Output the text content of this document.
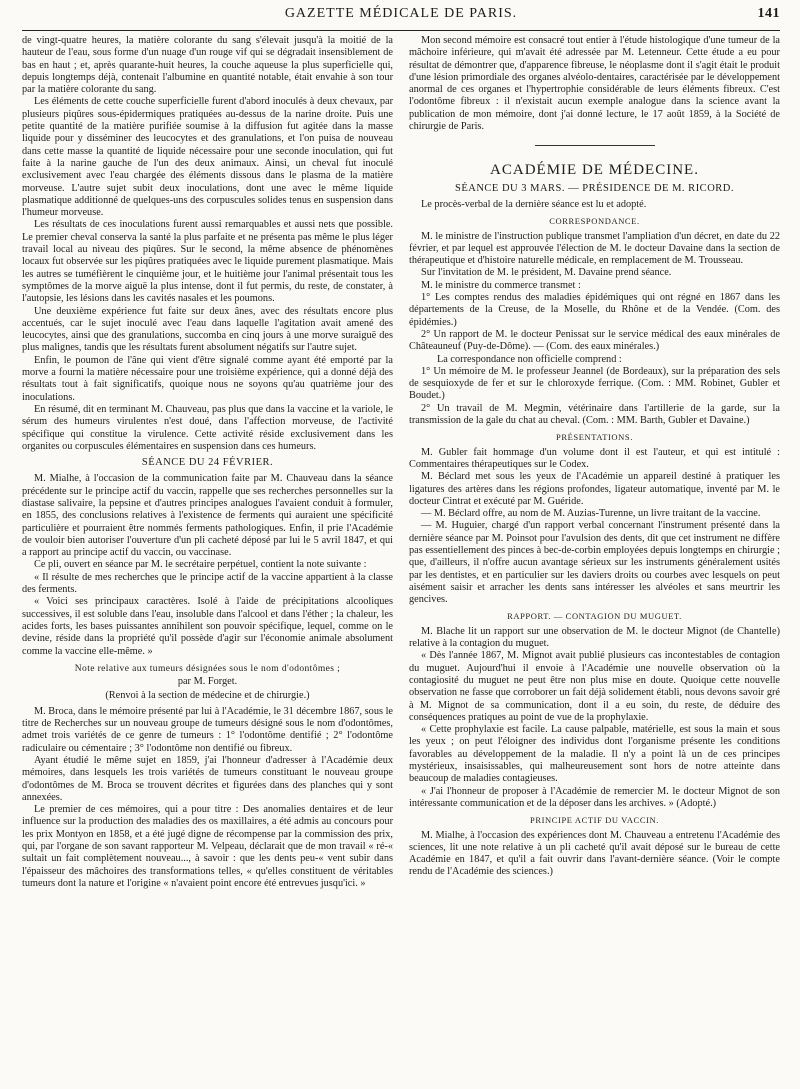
GAZETTE MÉDICALE DE PARIS.	141

de vingt-quatre heures, la matière colorante du sang s'élevait jusqu'à la moitié de la hauteur de l'eau, sous forme d'un nuage d'un rouge vif qui se dégradait insensiblement de bas en haut ; et, après quarante-huit heures, la couche aqueuse la plus superficielle qui, depuis longtemps déjà, contenait l'albumine en quantité notable, était envahie à son tour par la matière colorante du sang.

Les éléments de cette couche superficielle furent d'abord inoculés à deux chevaux, par plusieurs piqûres sous-épidermiques pratiquées au-dessus de la narine droite. Puis une petite quantité de la matière purifiée soumise à la diffusion fut agitée dans la masse liquide pour y disséminer des leucocytes et des granulations, et l'on puisa de nouveau dans cette masse la quantité de liquide nécessaire pour une seconde inoculation, qui fut faite à la narine gauche de l'un des deux animaux. Ainsi, un cheval fut inoculé exclusivement avec l'eau chargée des éléments dissous dans le plasma de la matière morveuse. L'autre sujet subit deux inoculations, dont une avec le même liquide plasmatique additionné de quelques-uns des corpuscules solides tenus en suspension dans l'humeur morveuse.

Les résultats de ces inoculations furent aussi remarquables et aussi nets que possible. Le premier cheval conserva la santé la plus parfaite et ne présenta pas même le plus léger travail local au niveau des piqûres. Sur le second, la même absence de phénomènes locaux fut observée sur les piqûres pratiquées avec le liquide purement plasmatique. Mais les autres se tuméfièrent le cinquième jour, et le huitième jour l'animal présentait tous les symptômes de la morve aiguë la plus intense, dont il fut permis, du reste, de constater, à l'autopsie, les lésions dans les cavités nasales et les poumons.

Une deuxième expérience fut faite sur deux ânes, avec des résultats encore plus accentués, car le sujet inoculé avec l'eau dans laquelle l'agitation avait amené des leucocytes, ainsi que des granulations, succomba en cinq jours à une morve suraiguë des plus malignes, tandis que les résultats furent absolument négatifs sur l'autre sujet.

Enfin, le poumon de l'âne qui vient d'être signalé comme ayant été emporté par la morve a fourni la matière nécessaire pour une troisième expérience, qui a donné déjà des résultats tout à fait significatifs, quoique nous ne soyons qu'au quatrième jour des inoculations.

En résumé, dit en terminant M. Chauveau, pas plus que dans la vaccine et la variole, le sérum des humeurs virulentes n'est doué, dans l'affection morveuse, de l'activité spécifique qui constitue la virulence. Cette activité réside exclusivement dans les organites ou corpuscules élémentaires en suspension dans ces humeurs.

SÉANCE DU 24 FÉVRIER.

M. Mialhe, à l'occasion de la communication faite par M. Chauveau dans la séance précédente sur le principe actif du vaccin, rappelle que ses recherches personnelles sur la diastase salivaire, la pepsine et d'autres principes analogues l'avaient conduit à formuler, en 1855, des conclusions relatives à l'existence de ferments qui auraient une spécificité particulière et pourraient être nommés ferments pathologiques. Enfin, il prie l'Académie de vouloir bien autoriser l'ouverture d'un pli cacheté déposé par lui le 5 avril 1847, et qui a rapport au principe actif du vaccin, ou vaccinase.

Ce pli, ouvert en séance par M. le secrétaire perpétuel, contient la note suivante :

« Il résulte de mes recherches que le principe actif de la vaccine appartient à la classe des ferments.

« Voici ses principaux caractères. Isolé à l'aide de précipitations alcooliques successives, il est soluble dans l'eau, insoluble dans l'alcool et dans l'éther ; la chaleur, les acides forts, les bases puissantes annihilent son pouvoir spécifique, lequel, comme on le devine, réside dans la propriété qu'il possède d'agir sur l'économie animale absolument comme la vaccine elle-même. »

Note relative aux tumeurs désignées sous le nom d'odontômes ;
par M. Forget.
(Renvoi à la section de médecine et de chirurgie.)

M. Broca, dans le mémoire présenté par lui à l'Académie, le 31 décembre 1867, sous le titre de Recherches sur un nouveau groupe de tumeurs désigné sous le nom d'odontômes, admet trois variétés de ce genre de tumeurs : 1° l'odontôme dentifié ; 2° l'odontôme radiculaire ou cémentaire ; 3° l'odontôme non dentifié ou fibreux.

Ayant étudié le même sujet en 1859, j'ai l'honneur d'adresser à l'Académie deux mémoires, dans lesquels les trois variétés de tumeurs constituant le nouveau groupe d'odontômes de M. Broca se trouvent décrites et figurées dans des planches qui y sont annexées.

Le premier de ces mémoires, qui a pour titre : Des anomalies dentaires et de leur influence sur la production des maladies des os maxillaires, a été admis au concours pour les prix Montyon en 1858, et a été jugé digne de récompense par la commission des prix, qui, par l'organe de son savant rapporteur M. Velpeau, déclarait que de mon travail « ré-« sultait un fait complètement nouveau..., à savoir : que les dents peu-« vent subir dans l'épaisseur des mâchoires des transformations telles, « qu'elles constituent de véritables tumeurs dont la nature et l'origine « n'avaient point encore été entrevues jusqu'ici. »

Mon second mémoire est consacré tout entier à l'étude histologique d'une tumeur de la mâchoire inférieure, qui m'avait été adressée par M. Letenneur. Cette étude a eu pour résultat de démontrer que, d'apparence fibreuse, le néoplasme dont il s'agit était le produit d'une lésion primordiale des organes alvéolo-dentaires, caractérisée par le développement anormal de ces organes et l'hypertrophie considérable de leurs éléments fibreux. C'est l'odontôme fibreux : il n'existait aucun exemple analogue dans la science avant la publication de mon mémoire, dont j'ai donné lecture, le 17 août 1859, à la Société de chirurgie de Paris.

ACADÉMIE DE MÉDECINE.
SÉANCE DU 3 MARS. — PRÉSIDENCE DE M. RICORD.

Le procès-verbal de la dernière séance est lu et adopté.

CORRESPONDANCE.

M. le ministre de l'instruction publique transmet l'ampliation d'un décret, en date du 22 février, et par lequel est approuvée l'élection de M. le docteur Davaine dans la section de thérapeutique et d'histoire naturelle médicale, en remplacement de M. Trousseau.

Sur l'invitation de M. le président, M. Davaine prend séance.

M. le ministre du commerce transmet :

1° Les comptes rendus des maladies épidémiques qui ont régné en 1867 dans les départements de la Creuse, de la Moselle, du Rhône et de la Vendée. (Com. des épidémies.)

2° Un rapport de M. le docteur Penissat sur le service médical des eaux minérales de Châteauneuf (Puy-de-Dôme). — (Com. des eaux minérales.)

La correspondance non officielle comprend :

1° Un mémoire de M. le professeur Jeannel (de Bordeaux), sur la préparation des sels de sesquioxyde de fer et sur le chloroxyde ferrique. (Com. : MM. Robinet, Gubler et Boudet.)

2° Un travail de M. Megmin, vétérinaire dans l'artillerie de la garde, sur la transmission de la gale du chat au cheval. (Com. : MM. Barth, Gubler et Davaine.)

PRÉSENTATIONS.

M. Gubler fait hommage d'un volume dont il est l'auteur, et qui est intitulé : Commentaires thérapeutiques sur le Codex.

M. Béclard met sous les yeux de l'Académie un appareil destiné à pratiquer les ligatures des artères dans les régions profondes, ligateur automatique, inventé par M. le docteur Cintrat et exécuté par M. Guéride.

— M. Béclard offre, au nom de M. Auzias-Turenne, un livre traitant de la vaccine.

— M. Huguier, chargé d'un rapport verbal concernant l'instrument présenté dans la dernière séance par M. Poinsot pour l'avulsion des dents, dit que cet instrument ne diffère pas essentiellement des pinces à bec-de-corbin employées depuis longtemps en chirurgie ; que, d'ailleurs, il n'offre aucun avantage sérieux sur les instruments généralement usités par les dentistes, et en particulier sur les daviers droits ou courbes avec lesquels on peut aisément saisir et arracher les dents sans intéresser les alvéoles et sans meurtrir les gencives.

RAPPORT. — CONTAGION DU MUGUET.

M. Blache lit un rapport sur une observation de M. le docteur Mignot (de Chantelle) relative à la contagion du muguet.

« Dès l'année 1867, M. Mignot avait publié plusieurs cas incontestables de contagion du muguet. Aujourd'hui il envoie à l'Académie une nouvelle observation où la contagiosité du muguet ne peut être non plus mise en doute. Quoique cette nouvelle observation ne fasse que corroborer un fait déjà solidement établi, nous devons savoir gré à M. Mignot de sa communication, dont il a eu soin, du reste, de déduire des conséquences pratiques au point de vue de la prophylaxie.

« Cette prophylaxie est facile. La cause palpable, matérielle, est sous la main et sous les yeux ; on peut l'éloigner des individus dont l'organisme présente les conditions favorables au développement de la maladie. Il n'y a point là un de ces principes mystérieux, insaisissables, qui malheureusement sont hors de notre atteinte dans beaucoup de maladies contagieuses.

« J'ai l'honneur de proposer à l'Académie de remercier M. le docteur Mignot de son intéressante communication et de la déposer dans les archives. » (Adopté.)

PRINCIPE ACTIF DU VACCIN.

M. Mialhe, à l'occasion des expériences dont M. Chauveau a entretenu l'Académie des sciences, lit une note relative à un pli cacheté qu'il avait déposé sur le bureau de cette Académie en 1847, et qu'il a fait ouvrir dans l'avant-dernière séance. (Voir le compte rendu de l'Académie des sciences.)
